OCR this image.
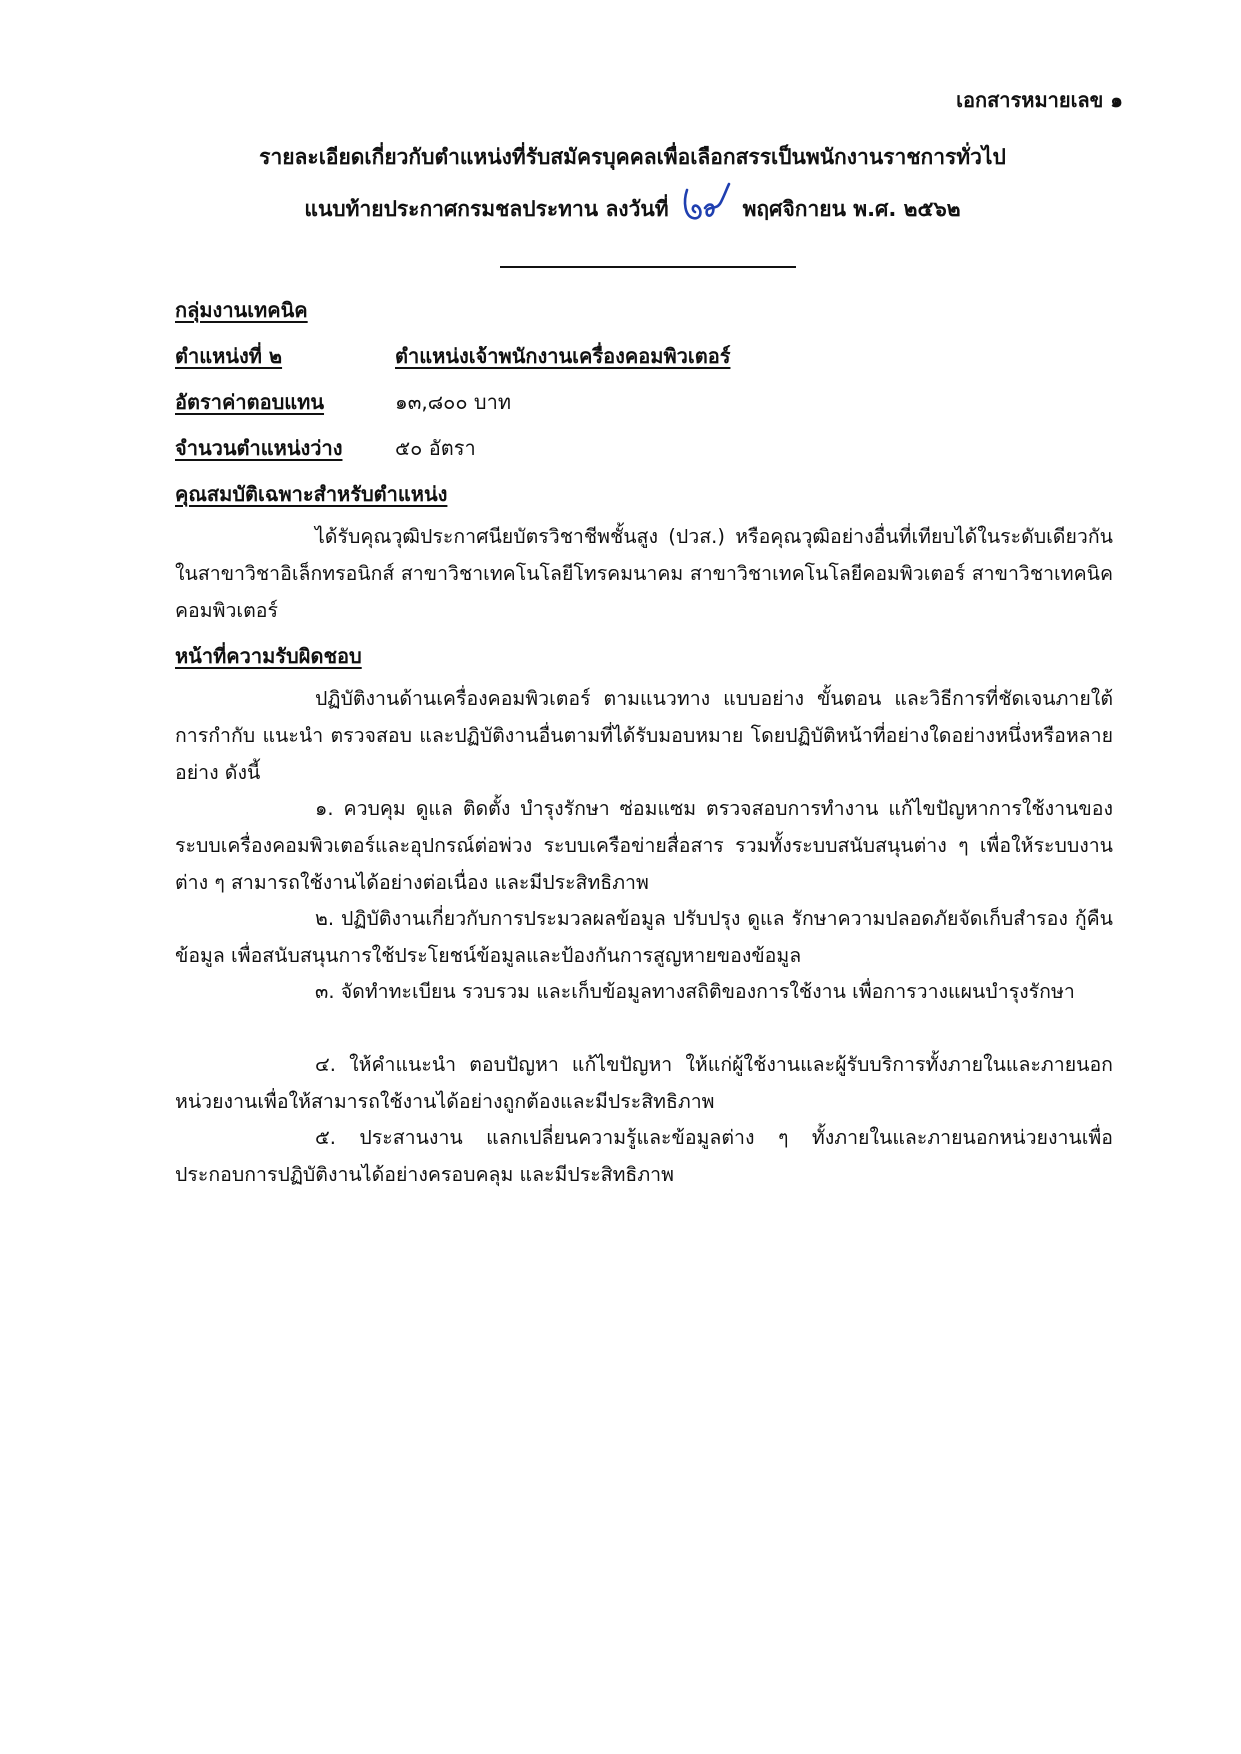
เอกสารหมายเลข ๑
รายละเอียดเกี่ยวกับตำแหน่งที่รับสมัครบุคคลเพื่อเลือกสรรเป็นพนักงานราชการทั่วไป
แนบท้ายประกาศกรมชลประทาน ลงวันที่	พฤศจิกายน พ.ศ. ๒๕๖๒
กลุ่มงานเทคนิค
ตำแหน่งที่ ๒	ตำแหน่งเจ้าพนักงานเครื่องคอมพิวเตอร์
อัตราค่าตอบแทน	๑๓,๘๐๐ บาท
จำนวนตำแหน่งว่าง	๕๐ อัตรา
คุณสมบัติเฉพาะสำหรับตำแหน่ง

ได้รับคุณวุฒิประกาศนียบัตรวิชาชีพชั้นสูง (ปวส.) หรือคุณวุฒิอย่างอื่นที่เทียบได้ในระดับเดียวกันในสาขาวิชาอิเล็กทรอนิกส์ สาขาวิชาเทคโนโลยีโทรคมนาคม สาขาวิชาเทคโนโลยีคอมพิวเตอร์ สาขาวิชาเทคนิคคอมพิวเตอร์

หน้าที่ความรับผิดชอบ

ปฏิบัติงานด้านเครื่องคอมพิวเตอร์ ตามแนวทาง แบบอย่าง ขั้นตอน และวิธีการที่ชัดเจนภายใต้การกำกับ แนะนำ ตรวจสอบ และปฏิบัติงานอื่นตามที่ได้รับมอบหมาย โดยปฏิบัติหน้าที่อย่างใดอย่างหนึ่งหรือหลายอย่าง ดังนี้

๑. ควบคุม ดูแล ติดตั้ง บำรุงรักษา ซ่อมแซม ตรวจสอบการทำงาน แก้ไขปัญหาการใช้งานของระบบเครื่องคอมพิวเตอร์และอุปกรณ์ต่อพ่วง ระบบเครือข่ายสื่อสาร รวมทั้งระบบสนับสนุนต่าง ๆ เพื่อให้ระบบงานต่าง ๆ สามารถใช้งานได้อย่างต่อเนื่อง และมีประสิทธิภาพ

๒. ปฏิบัติงานเกี่ยวกับการประมวลผลข้อมูล ปรับปรุง ดูแล รักษาความปลอดภัยจัดเก็บสำรอง กู้คืนข้อมูล เพื่อสนับสนุนการใช้ประโยชน์ข้อมูลและป้องกันการสูญหายของข้อมูล

๓. จัดทำทะเบียน รวบรวม และเก็บข้อมูลทางสถิติของการใช้งาน เพื่อการวางแผนบำรุงรักษา

๔. ให้คำแนะนำ ตอบปัญหา แก้ไขปัญหา ให้แก่ผู้ใช้งานและผู้รับบริการทั้งภายในและภายนอกหน่วยงานเพื่อให้สามารถใช้งานได้อย่างถูกต้องและมีประสิทธิภาพ

๕. ประสานงาน แลกเปลี่ยนความรู้และข้อมูลต่าง ๆ ทั้งภายในและภายนอกหน่วยงานเพื่อประกอบการปฏิบัติงานได้อย่างครอบคลุม และมีประสิทธิภาพ
